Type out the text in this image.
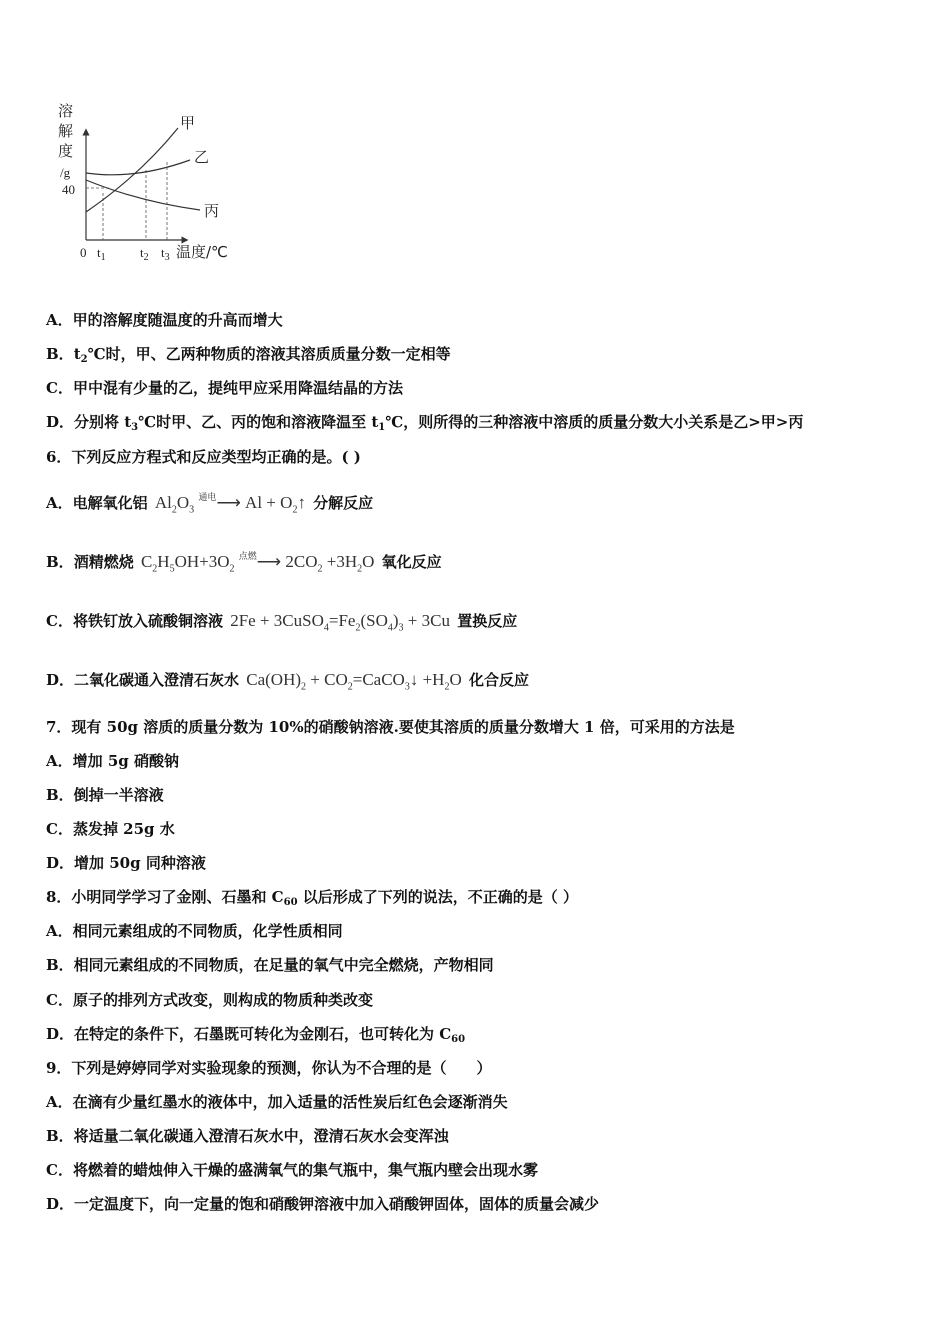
溶
解
度
/g
40
0 $t_1$	$t_2$ $t_3$ 温度/℃
甲
乙
丙
A．甲的溶解度随温度的升高而增大
B．$t_2℃$时，甲、乙两种物质的溶液其溶质质量分数一定相等
C．甲中混有少量的乙，提纯甲应采用降温结晶的方法
D．分别将 $t_3℃$时甲、乙、丙的饱和溶液降温至 $t_1℃$，则所得的三种溶液中溶质的质量分数大小关系是乙>甲>丙
6．下列反应方程式和反应类型均正确的是。( )
A．电解氧化铝 $Al_2O_3$ $^{通电}$⟶ $Al + O_2↑$ 分解反应
B．酒精燃烧 $C_2H_5OH+3O_2$ $^{点燃}$⟶ $2CO_2 +3H_2O$ 氧化反应
C．将铁钉放入硫酸铜溶液 $2Fe + 3CuSO_4=Fe_2(SO_4)_3 + 3Cu$ 置换反应
D．二氧化碳通入澄清石灰水 $Ca(OH)_2$ + $CO_2=CaCO_3↓ +H_2O$ 化合反应
7．现有 50g 溶质的质量分数为 10%的硝酸钠溶液.要使其溶质的质量分数增大 1 倍，可采用的方法是
A．增加 5g 硝酸钠
B．倒掉一半溶液
C．蒸发掉 25g 水
D．增加 50g 同种溶液
8．小明同学学习了金刚、石墨和 $C_{60}$ 以后形成了下列的说法，不正确的是（ ）
A．相同元素组成的不同物质，化学性质相同
B．相同元素组成的不同物质，在足量的氧气中完全燃烧，产物相同
C．原子的排列方式改变，则构成的物质种类改变
D．在特定的条件下，石墨既可转化为金刚石，也可转化为 $C_{60}$
9．下列是婷婷同学对实验现象的预测，你认为不合理的是（　　）
A．在滴有少量红墨水的液体中，加入适量的活性炭后红色会逐渐消失
B．将适量二氧化碳通入澄清石灰水中，澄清石灰水会变浑浊
C．将燃着的蜡烛伸入干燥的盛满氧气的集气瓶中，集气瓶内壁会出现水雾
D．一定温度下，向一定量的饱和硝酸钾溶液中加入硝酸钾固体，固体的质量会减少
